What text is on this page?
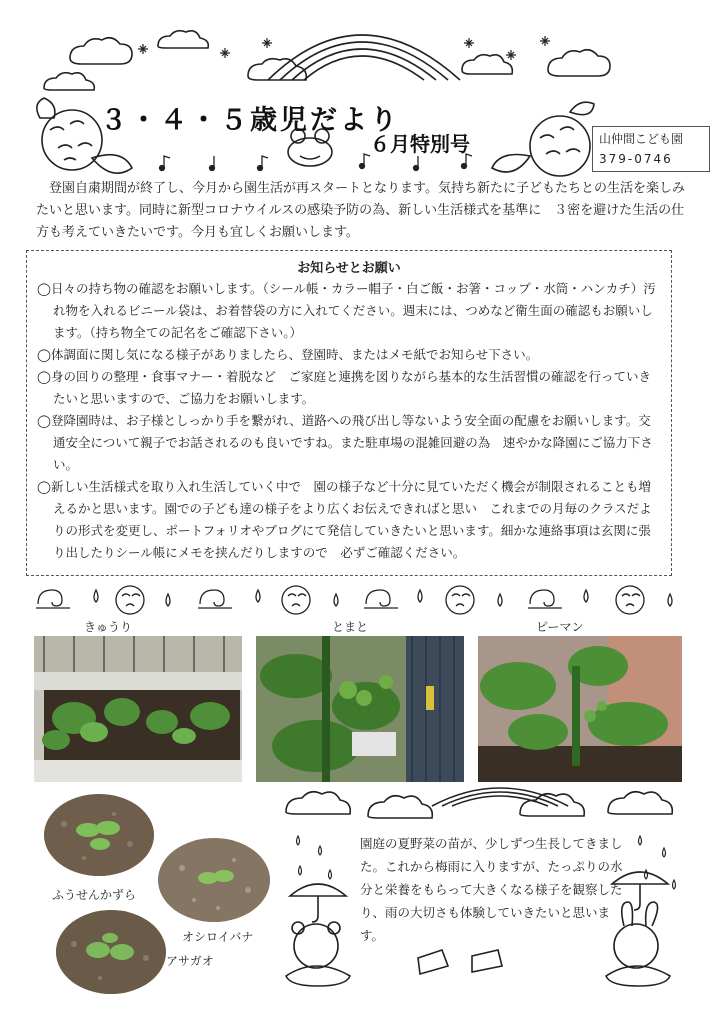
３・４・５歳児だより
６月特別号	山仲間こども園
379-0746
登園自粛期間が終了し、今月から園生活が再スタートとなります。気持ち新たに子どもたちとの生活を楽しみたいと思います。同時に新型コロナウイルスの感染予防の為、新しい生活様式を基準に　３密を避けた生活の仕方も考えていきたいです。今月も宜しくお願いします。
お知らせとお願い

◯日々の持ち物の確認をお願いします。（シール帳・カラー帽子・白ご飯・お箸・コップ・水筒・ハンカチ）汚れ物を入れるビニール袋は、お着替袋の方に入れてください。週末には、つめなど衛生面の確認もお願いします。（持ち物全ての記名をご確認下さい。）

◯体調面に関し気になる様子がありましたら、登園時、またはメモ紙でお知らせ下さい。

◯身の回りの整理・食事マナー・着脱など　ご家庭と連携を図りながら基本的な生活習慣の確認を行っていきたいと思いますので、ご協力をお願いします。

◯登降園時は、お子様としっかり手を繋がれ、道路への飛び出し等ないよう安全面の配慮をお願いします。交通安全について親子でお話されるのも良いですね。また駐車場の混雑回避の為　速やかな降園にご協力下さい。

◯新しい生活様式を取り入れ生活していく中で　園の様子など十分に見ていただく機会が制限されることも増えるかと思います。園での子ども達の様子をより広くお伝えできればと思い　これまでの月毎のクラスだよりの形式を変更し、ポートフォリオやブログにて発信していきたいと思います。細かな連絡事項は玄関に張り出したりシール帳にメモを挟んだりしますので　必ずご確認ください。

きゅうり	とまと	ピーマン
ふうせんかずら
オシロイバナ
アサガオ
園庭の夏野菜の苗が、少しずつ生長してきました。これから梅雨に入りますが、たっぷりの水分と栄養をもらって大きくなる様子を観察したり、雨の大切さも体験していきたいと思います。
